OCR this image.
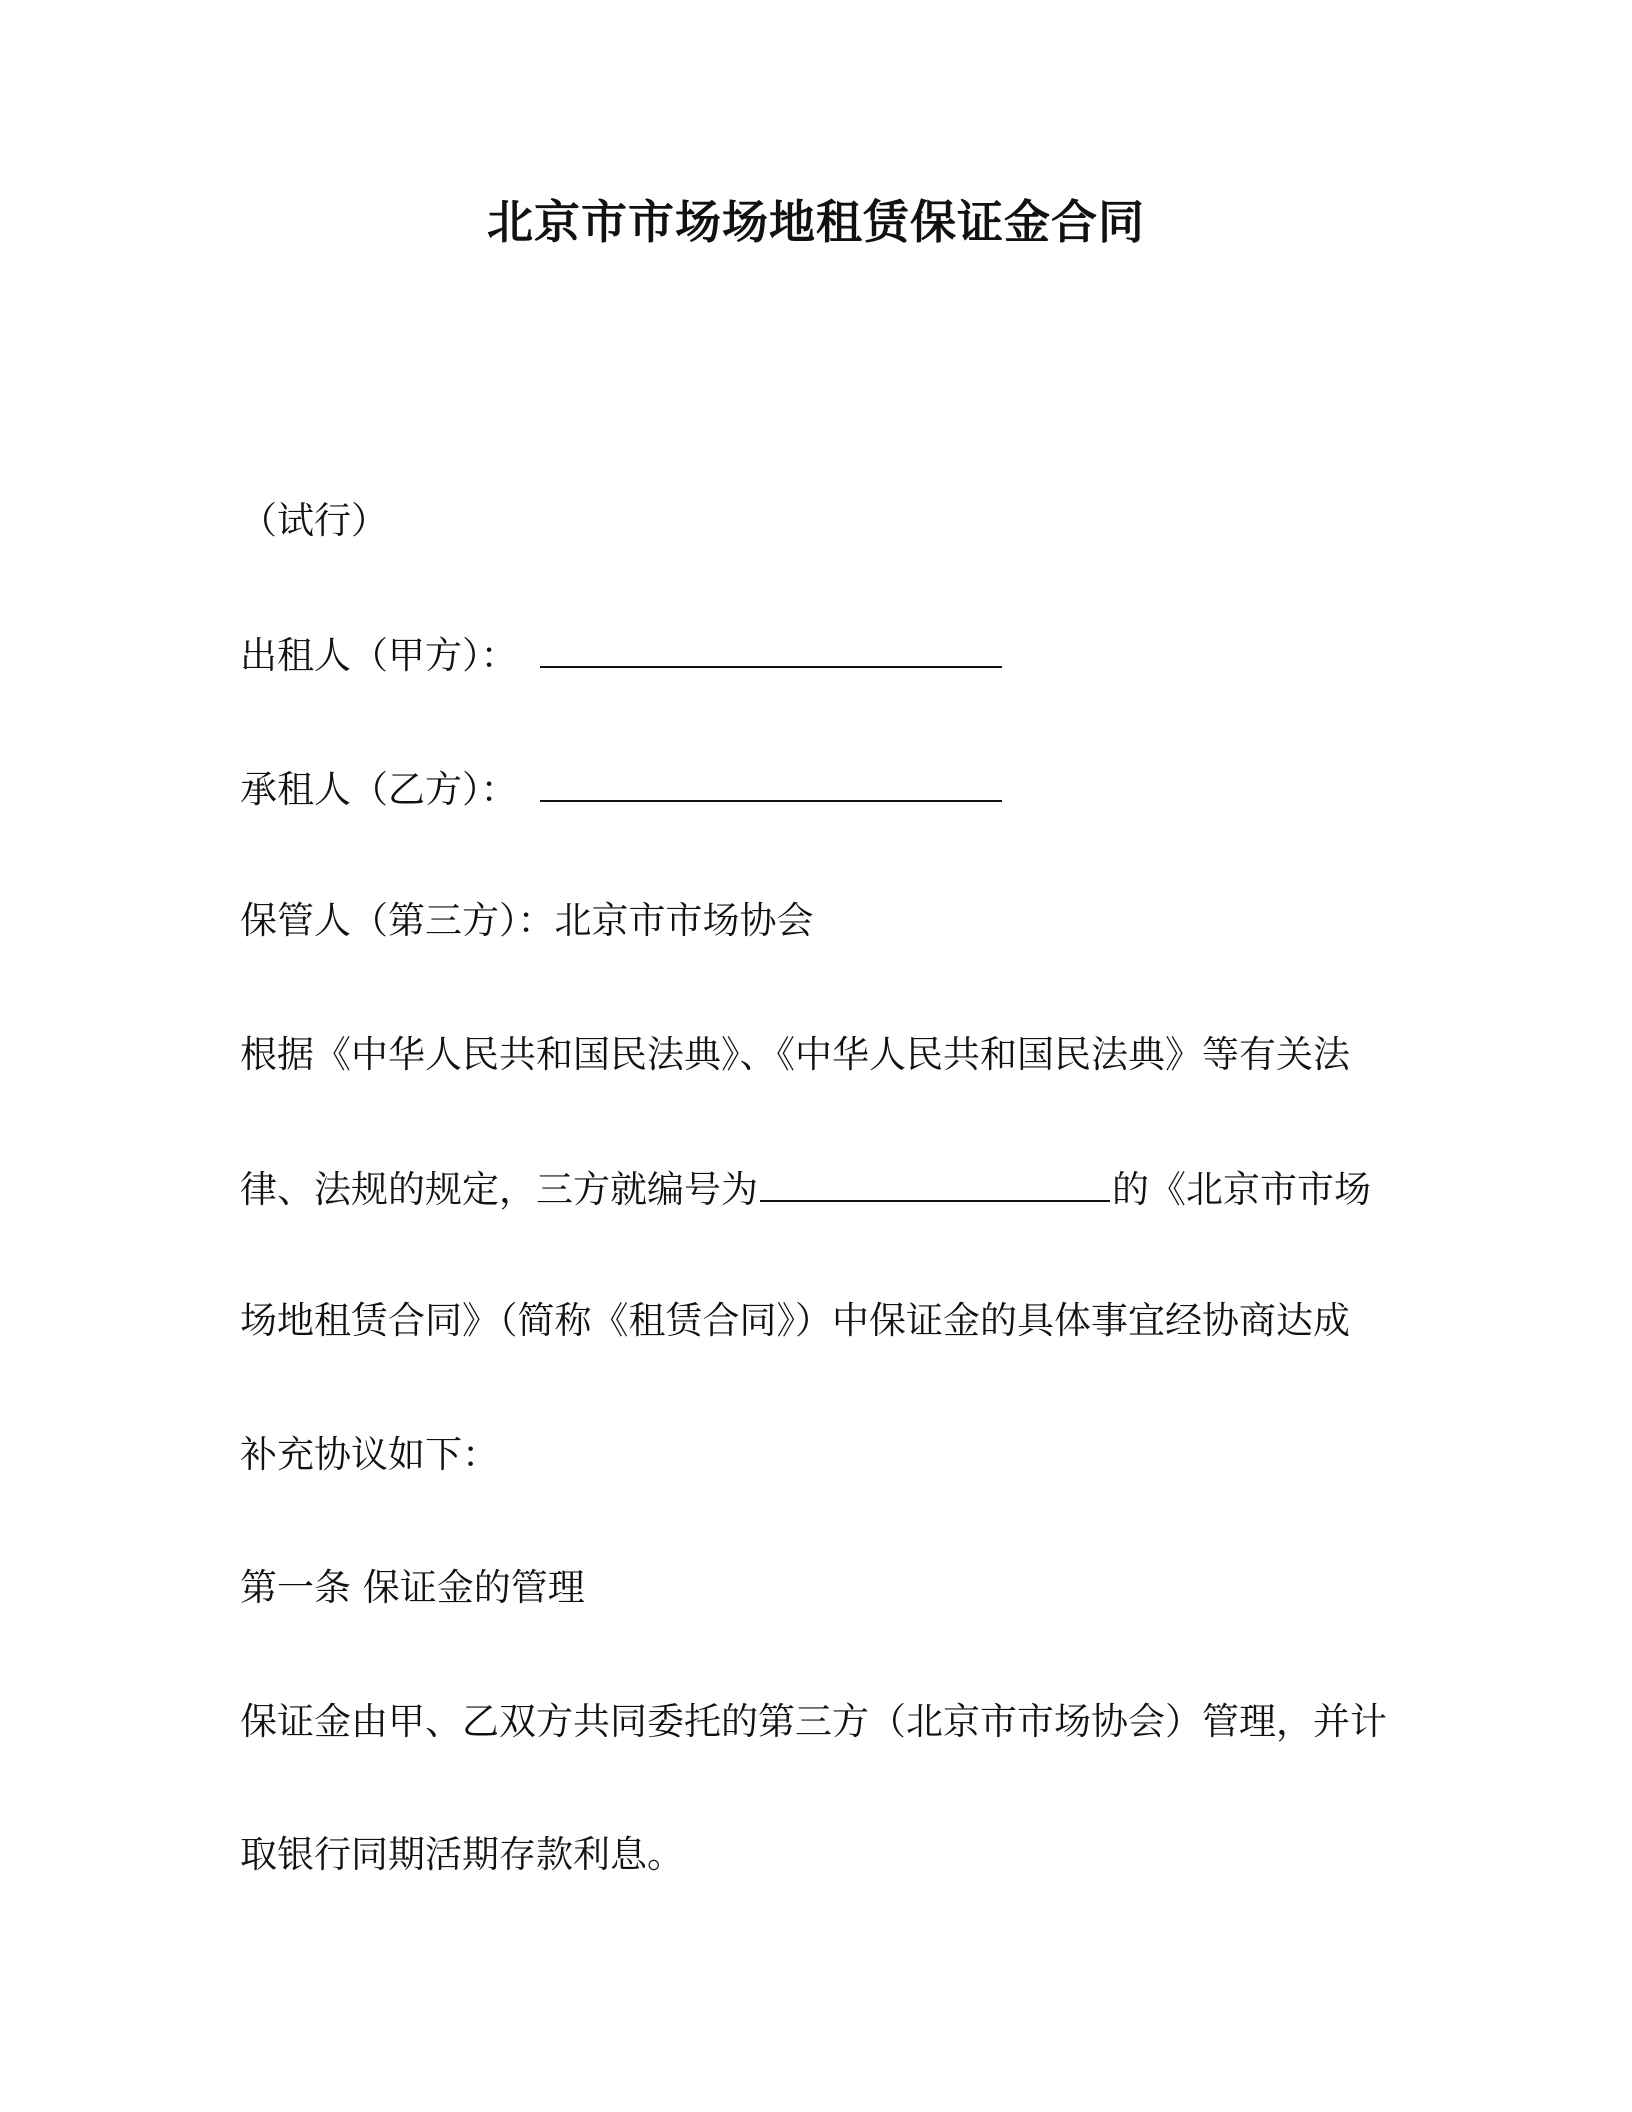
北京市市场场地租赁保证金合同
（试行）
出租人（甲方）：
承租人（乙方）：
保管人（第三方）：北京市市场协会
根据《中华人民共和国民法典》、《中华人民共和国民法典》等有关法
律、法规的规定，三方就编号为	的《北京市市场
场地租赁合同》（简称《租赁合同》）中保证金的具体事宜经协商达成
补充协议如下：
第一条 保证金的管理
保证金由甲、乙双方共同委托的第三方（北京市市场协会）管理，并计
取银行同期活期存款利息。
